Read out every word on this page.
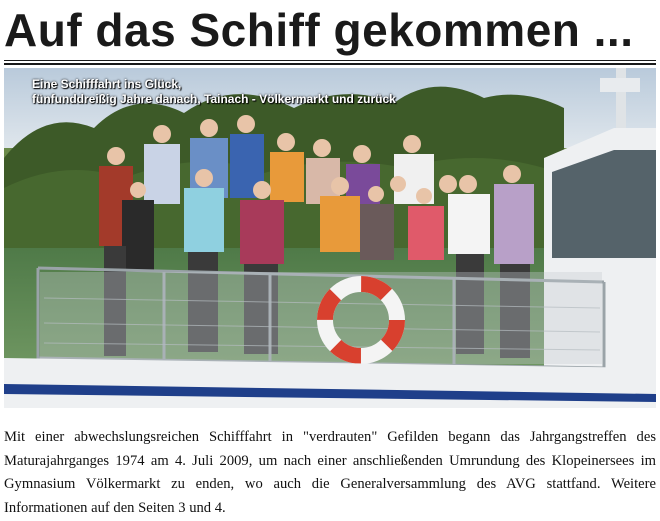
Auf das Schiff gekommen ...
Eine Schifffahrt ins Glück,
fünfunddreißig Jahre danach, Tainach - Völkermarkt und zurück
Mit einer abwechslungsreichen Schifffahrt in "verdrauten" Gefilden begann das Jahrgangstreffen des Maturajahrganges 1974 am 4. Juli 2009, um nach einer anschließenden Umrundung des Klopeinersees im Gymnasium Völkermarkt zu enden, wo auch die Generalversammlung des AVG stattfand. Weitere Informationen auf den Seiten 3 und 4.
